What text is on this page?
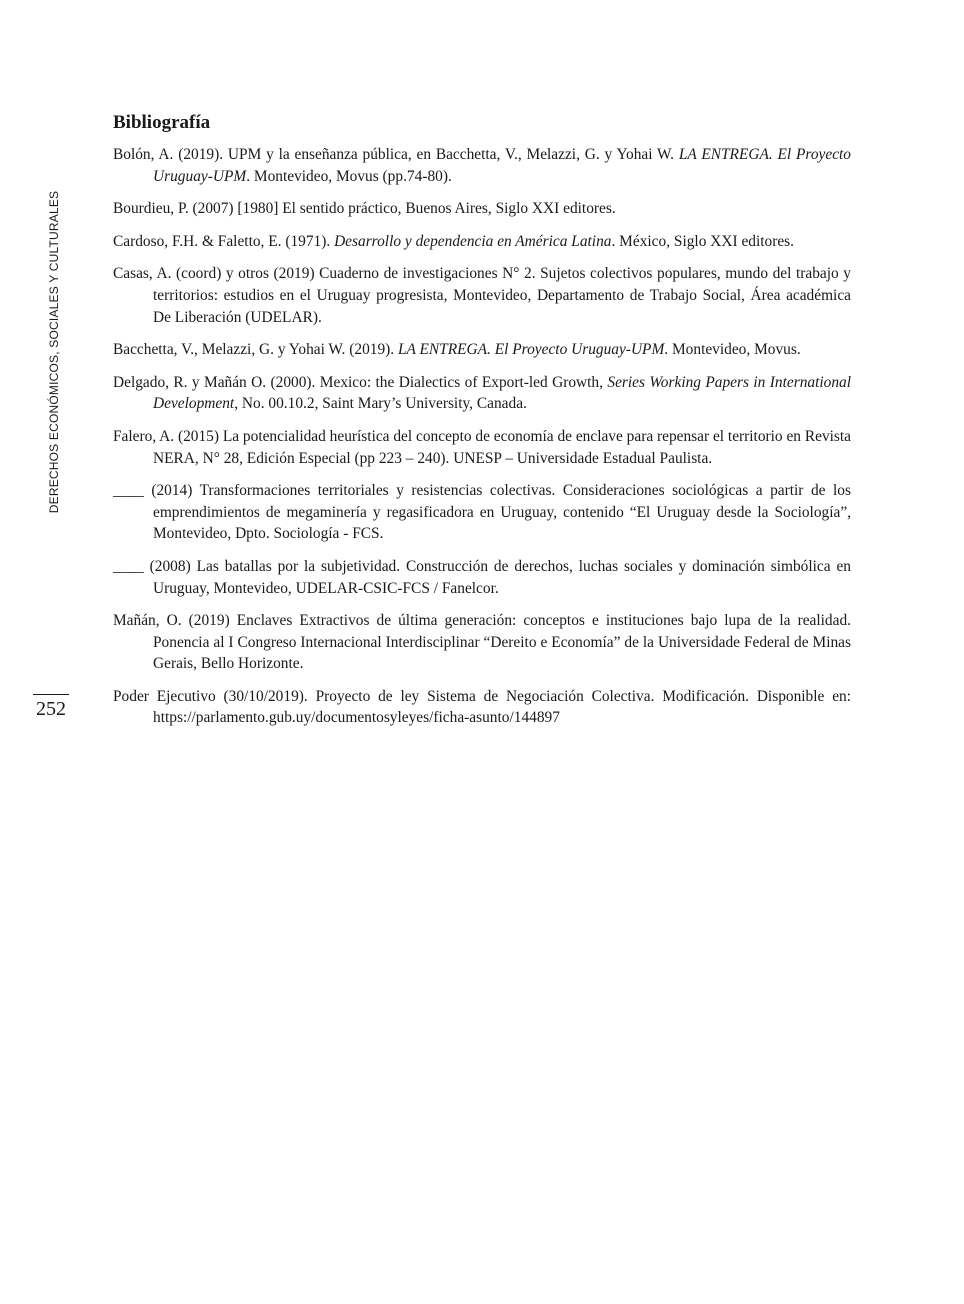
DERECHOS ECONÓMICOS, SOCIALES Y CULTURALES
252
Bibliografía
Bolón, A. (2019). UPM y la enseñanza pública, en Bacchetta, V., Melazzi, G. y Yohai W. LA ENTREGA. El Proyecto Uruguay-UPM. Montevideo, Movus (pp.74-80).
Bourdieu, P. (2007) [1980] El sentido práctico, Buenos Aires, Siglo XXI editores.
Cardoso, F.H. & Faletto, E. (1971). Desarrollo y dependencia en América Latina. México, Siglo XXI editores.
Casas, A. (coord) y otros (2019) Cuaderno de investigaciones N° 2. Sujetos colectivos populares, mundo del trabajo y territorios: estudios en el Uruguay progresista, Montevideo, Departamento de Trabajo Social, Área académica De Liberación (UDELAR).
Bacchetta, V., Melazzi, G. y Yohai W. (2019). LA ENTREGA. El Proyecto Uruguay-UPM. Montevideo, Movus.
Delgado, R. y Mañán O. (2000). Mexico: the Dialectics of Export-led Growth, Series Working Papers in International Development, No. 00.10.2, Saint Mary’s University, Canada.
Falero, A. (2015) La potencialidad heurística del concepto de economía de enclave para repensar el territorio en Revista NERA, N° 28, Edición Especial (pp 223 – 240). UNESP – Universidade Estadual Paulista.
____ (2014) Transformaciones territoriales y resistencias colectivas. Consideraciones sociológicas a partir de los emprendimientos de megaminería y regasificadora en Uruguay, contenido “El Uruguay desde la Sociología”, Montevideo, Dpto. Sociología - FCS.
____ (2008) Las batallas por la subjetividad. Construcción de derechos, luchas sociales y dominación simbólica en Uruguay, Montevideo, UDELAR-CSIC-FCS / Fanelcor.
Mañán, O. (2019) Enclaves Extractivos de última generación: conceptos e instituciones bajo lupa de la realidad. Ponencia al I Congreso Internacional Interdisciplinar “Dereito e Economía” de la Universidade Federal de Minas Gerais, Bello Horizonte.
Poder Ejecutivo (30/10/2019). Proyecto de ley Sistema de Negociación Colectiva. Modificación. Disponible en: https://parlamento.gub.uy/documentosyleyes/ficha-asunto/144897
